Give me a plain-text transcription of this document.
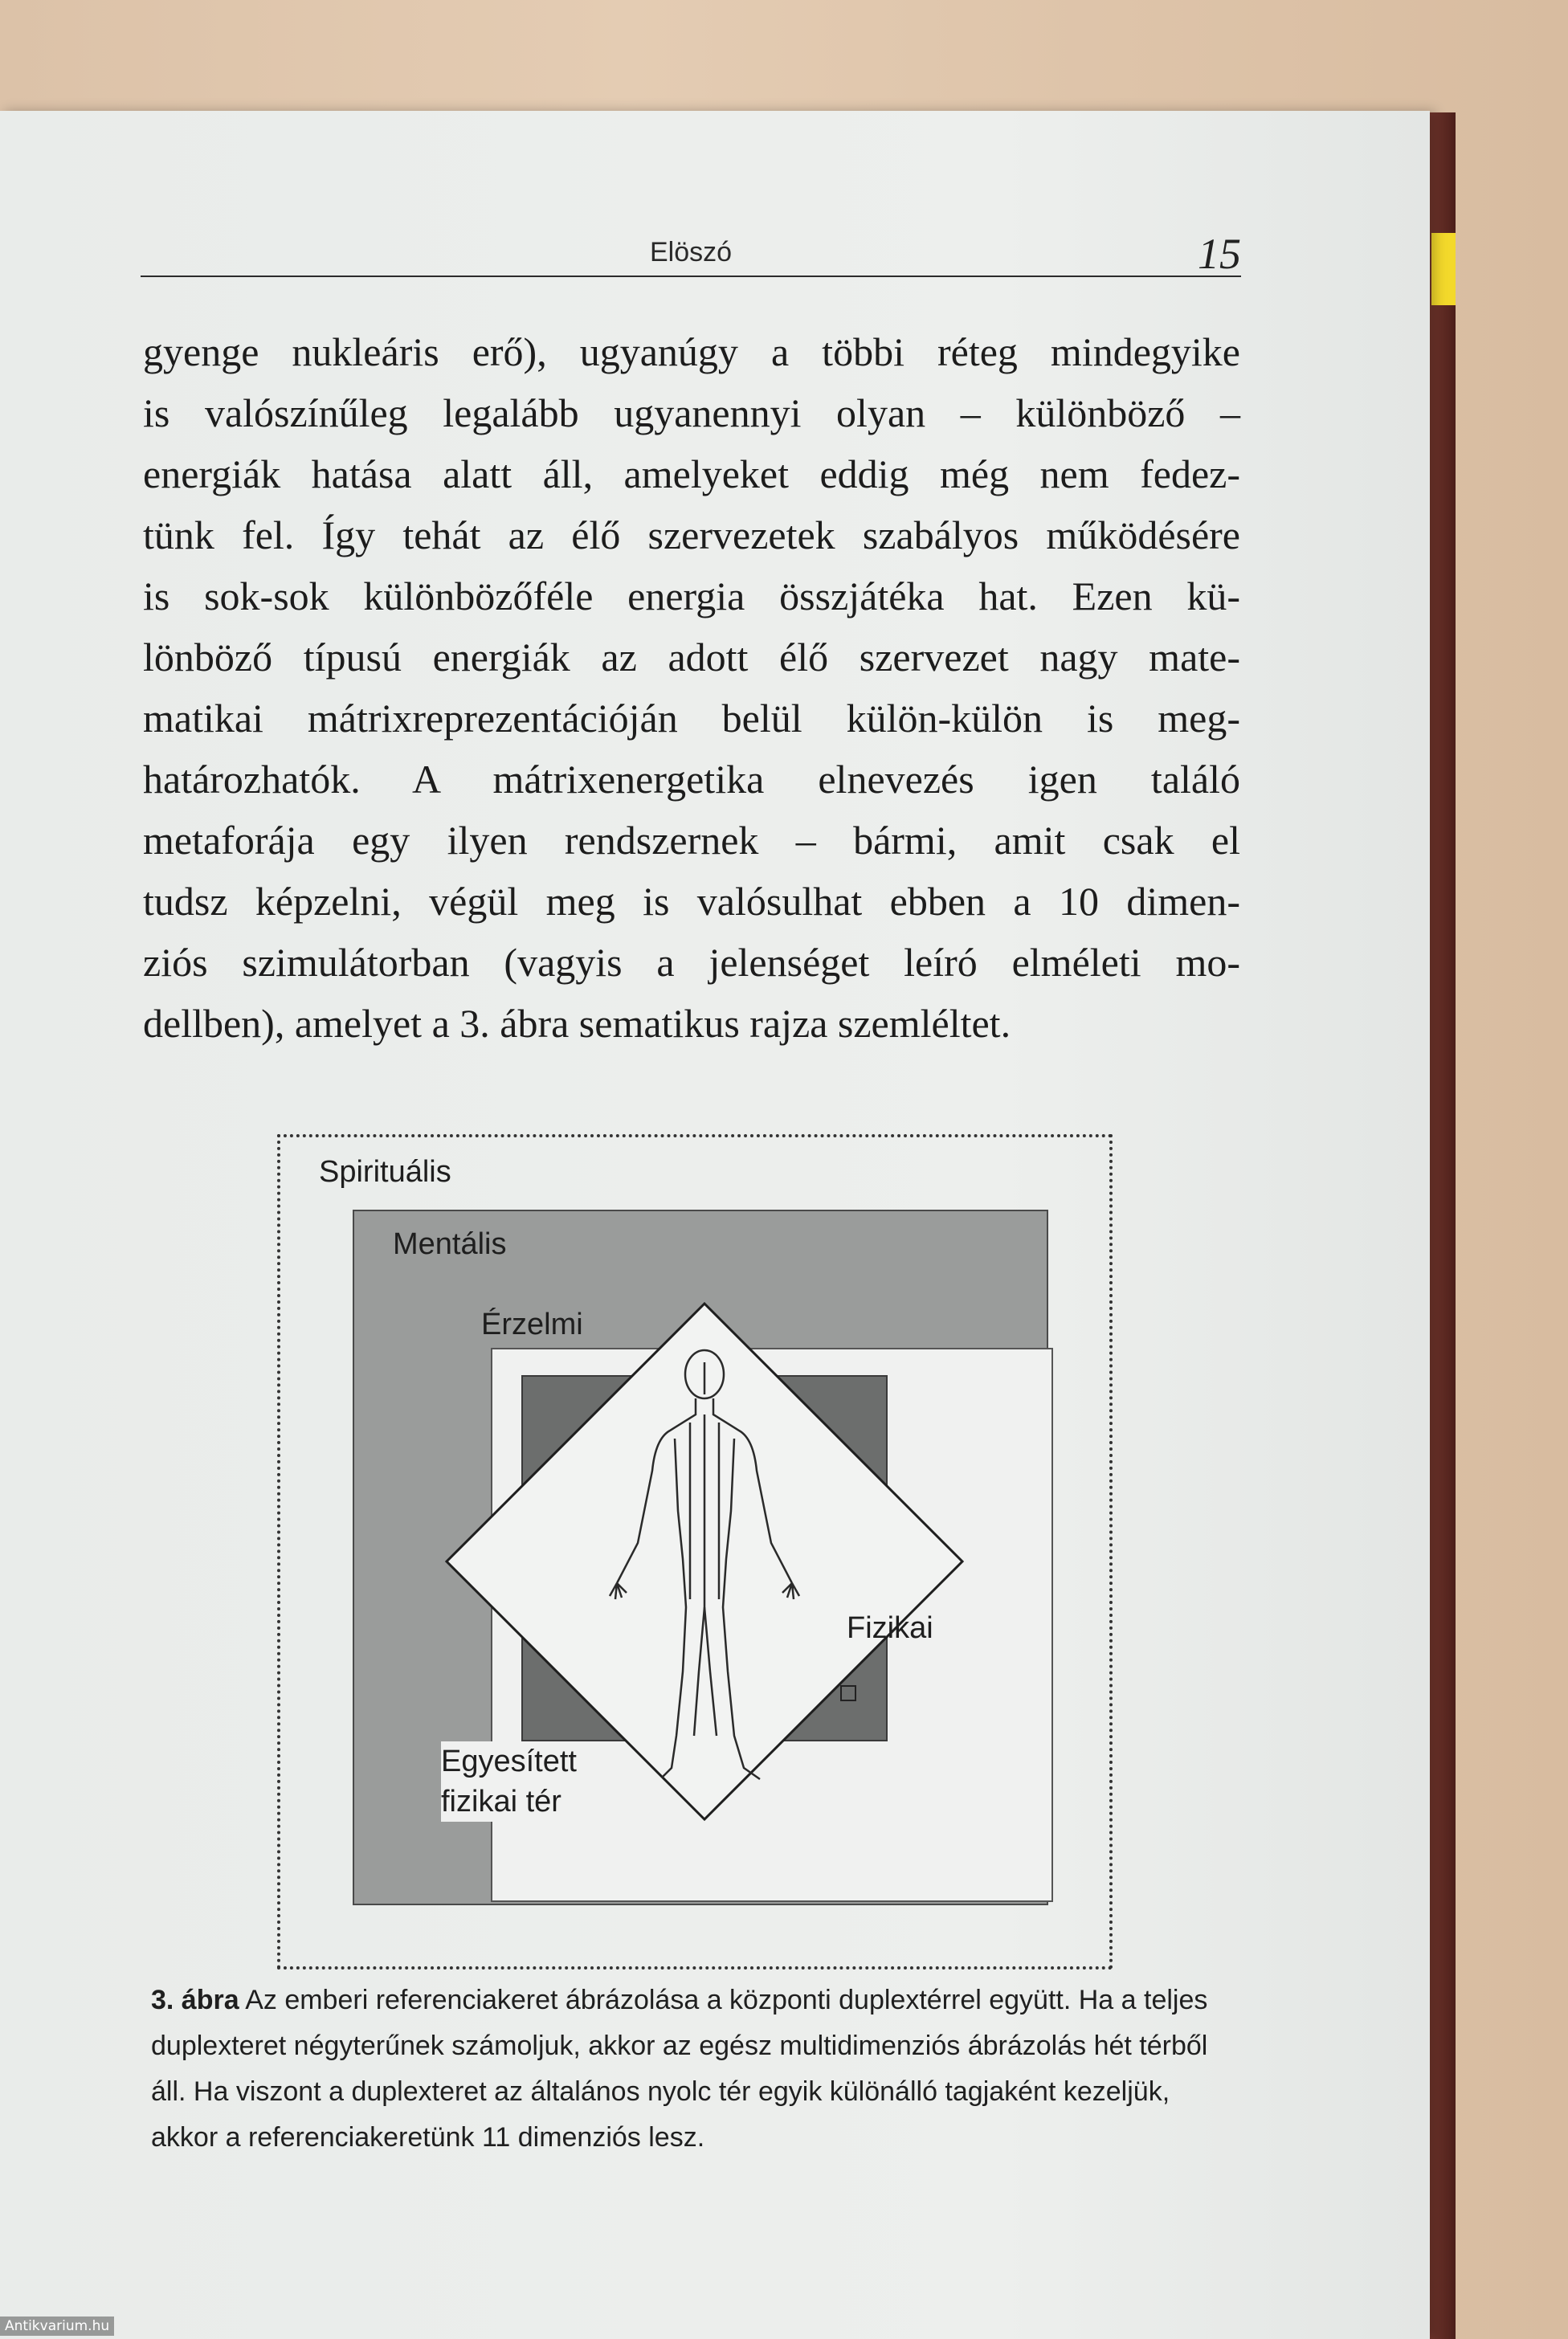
Elöszó	15
gyenge nukleáris erő), ugyanúgy a többi réteg mindegyike
is valószínűleg legalább ugyanennyi olyan – különböző –
energiák hatása alatt áll, amelyeket eddig még nem fedez-
tünk fel. Így tehát az élő szervezetek szabályos működésére
is sok-sok különbözőféle energia összjátéka hat. Ezen kü-
lönböző típusú energiák az adott élő szervezet nagy mate-
matikai mátrixreprezentációján belül külön-külön is meg-
határozhatók. A mátrixenergetika elnevezés igen találó
metaforája egy ilyen rendszernek – bármi, amit csak el
tudsz képzelni, végül meg is valósulhat ebben a 10 dimen-
ziós szimulátorban (vagyis a jelenséget leíró elméleti mo-
dellben), amelyet a 3. ábra sematikus rajza szemléltet.
Spirituális
Mentális
Érzelmi
Fizikai
Egyesített
fizikai tér
3. ábra Az emberi referenciakeret ábrázolása a központi duplextérrel együtt. Ha a teljes duplexteret négyterűnek számoljuk, akkor az egész multidimenziós ábrázolás hét térből áll. Ha viszont a duplexteret az általános nyolc tér egyik különálló tagjaként kezeljük, akkor a referenciakeretünk 11 dimenziós lesz.
Antikvarium.hu
